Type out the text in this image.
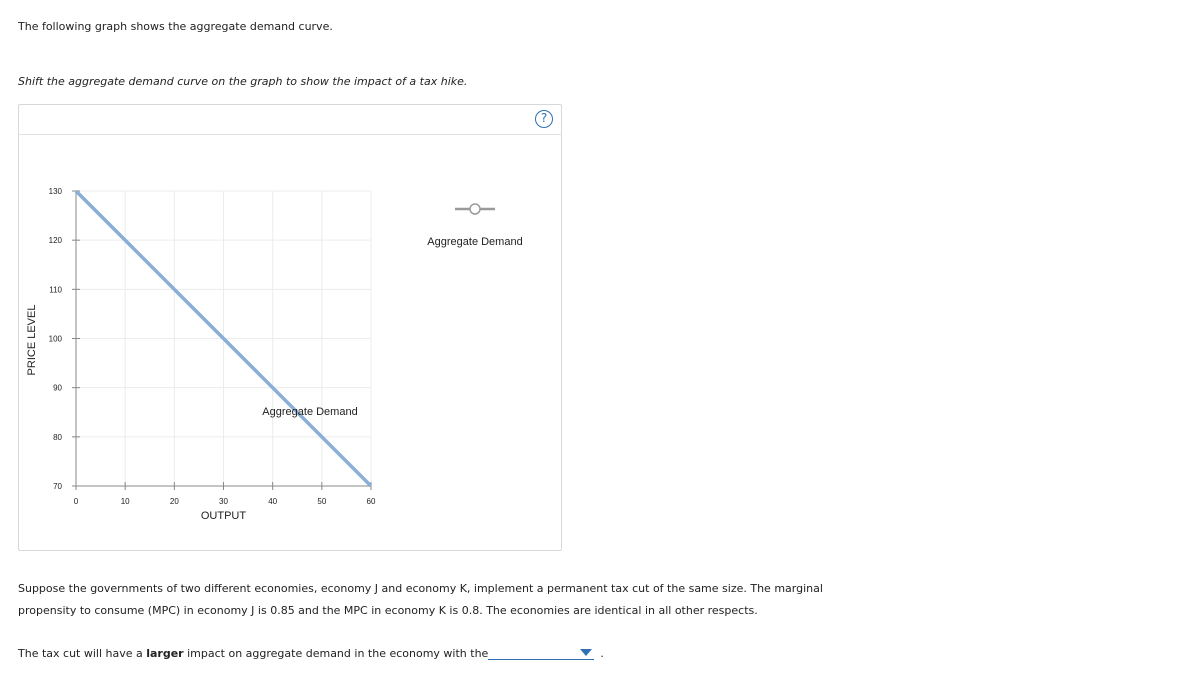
The following graph shows the aggregate demand curve.
Shift the aggregate demand curve on the graph to show the impact of a tax hike.
?
0	10	20	30	40	50	60
70
80
90
100
110
120
130
OUTPUT
PRICE LEVEL
Aggregate Demand
Aggregate Demand
Suppose the governments of two different economies, economy J and economy K, implement a permanent tax cut of the same size. The marginal propensity to consume (MPC) in economy J is 0.85 and the MPC in economy K is 0.8. The economies are identical in all other respects.
The tax cut will have a larger impact on aggregate demand in the economy with the	.
